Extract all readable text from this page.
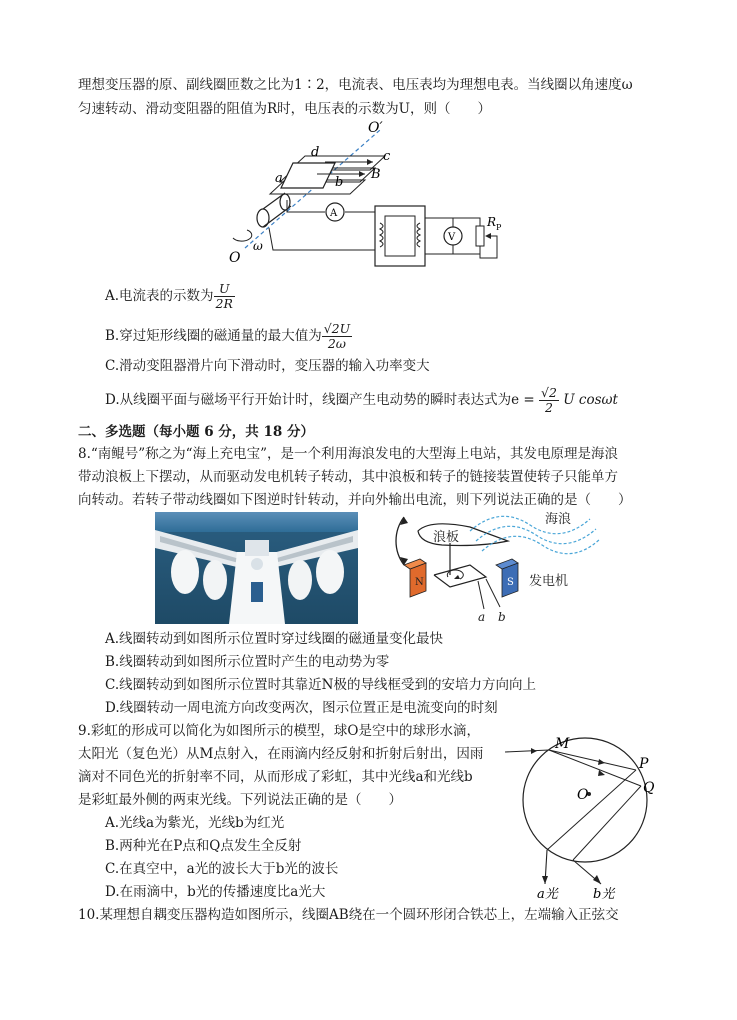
理想变压器的原、副线圈匝数之比为1∶2，电流表、电压表均为理想电表。当线圈以角速度ω
匀速转动、滑动变阻器的阻值为R时，电压表的示数为U，则（　　）
O′
d	c
a	b
B
A
V
R P
O
ω
A.电流表的示数为 $\frac{U}{2R}$
B.穿过矩形线圈的磁通量的最大值为 $\frac{√2U}{2\omega}$
C.滑动变阻器滑片向下滑动时，变压器的输入功率变大
D.从线圈平面与磁场平行开始计时，线圈产生电动势的瞬时表达式为$e = \frac{√2}{2}$ U cosωt
二、多选题（每小题 6 分，共 18 分）
8.“南鲲号”称之为“海上充电宝”，是一个利用海浪发电的大型海上电站，其发电原理是海浪
带动浪板上下摆动，从而驱动发电机转子转动，其中浪板和转子的链接装置使转子只能单方
向转动。若转子带动线圈如下图逆时针转动，并向外输出电流，则下列说法正确的是（　　）
海浪
浪板
发电机
N	S
a b
A.线圈转动到如图所示位置时穿过线圈的磁通量变化最快
B.线圈转动到如图所示位置时产生的电动势为零
C.线圈转动到如图所示位置时其靠近N极的导线框受到的安培力方向向上
D.线圈转动一周电流方向改变两次，图示位置正是电流变向的时刻
9.彩虹的形成可以简化为如图所示的模型，球O是空中的球形水滴，
太阳光（复色光）从M点射入，在雨滴内经反射和折射后射出，因雨
滴对不同色光的折射率不同，从而形成了彩虹，其中光线a和光线b
是彩虹最外侧的两束光线。下列说法正确的是（　　）
M
P
Q
O
a光	b光
A.光线a为紫光，光线b为红光
B.两种光在P点和Q点发生全反射
C.在真空中，a光的波长大于b光的波长
D.在雨滴中，b光的传播速度比a光大
10.某理想自耦变压器构造如图所示，线圈AB绕在一个圆环形闭合铁芯上，左端输入正弦交
